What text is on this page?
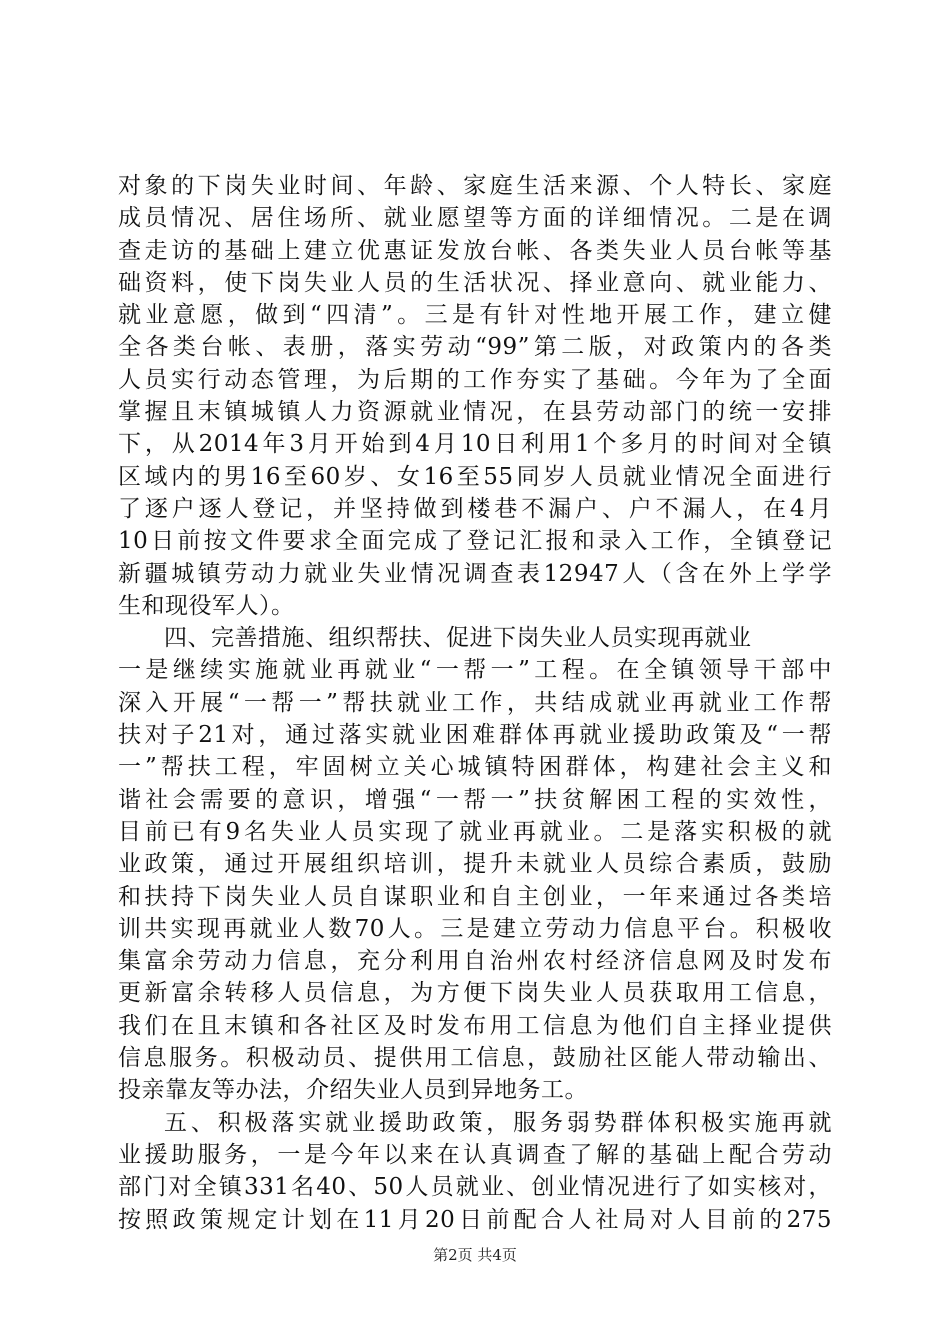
对象的下岗失业时间、年龄、家庭生活来源、个人特长、家庭
成员情况、居住场所、就业愿望等方面的详细情况。二是在调
查走访的基础上建立优惠证发放台帐、各类失业人员台帐等基
础资料，使下岗失业人员的生活状况、择业意向、就业能力、
就业意愿，做到“四清”。三是有针对性地开展工作，建立健
全各类台帐、表册，落实劳动“99”第二版，对政策内的各类
人员实行动态管理，为后期的工作夯实了基础。今年为了全面
掌握且末镇城镇人力资源就业情况，在县劳动部门的统一安排
下，从2014年3月开始到4月10日利用1个多月的时间对全镇
区域内的男16至60岁、女16至55同岁人员就业情况全面进行
了逐户逐人登记，并坚持做到楼巷不漏户、户不漏人，在4月
10日前按文件要求全面完成了登记汇报和录入工作，全镇登记
新疆城镇劳动力就业失业情况调查表12947人（含在外上学学
生和现役军人）。
四、完善措施、组织帮扶、促进下岗失业人员实现再就业
一是继续实施就业再就业“一帮一”工程。在全镇领导干部中
深入开展“一帮一”帮扶就业工作，共结成就业再就业工作帮
扶对子21对，通过落实就业困难群体再就业援助政策及“一帮
一”帮扶工程，牢固树立关心城镇特困群体，构建社会主义和
谐社会需要的意识，增强“一帮一”扶贫解困工程的实效性，
目前已有9名失业人员实现了就业再就业。二是落实积极的就
业政策，通过开展组织培训，提升未就业人员综合素质，鼓励
和扶持下岗失业人员自谋职业和自主创业，一年来通过各类培
训共实现再就业人数70人。三是建立劳动力信息平台。积极收
集富余劳动力信息，充分利用自治州农村经济信息网及时发布
更新富余转移人员信息，为方便下岗失业人员获取用工信息，
我们在且末镇和各社区及时发布用工信息为他们自主择业提供
信息服务。积极动员、提供用工信息，鼓励社区能人带动输出、
投亲靠友等办法，介绍失业人员到异地务工。
五、积极落实就业援助政策，服务弱势群体积极实施再就
业援助服务，一是今年以来在认真调查了解的基础上配合劳动
部门对全镇331名40、50人员就业、创业情况进行了如实核对，
按照政策规定计划在11月20日前配合人社局对人目前的275
第2页 共4页
